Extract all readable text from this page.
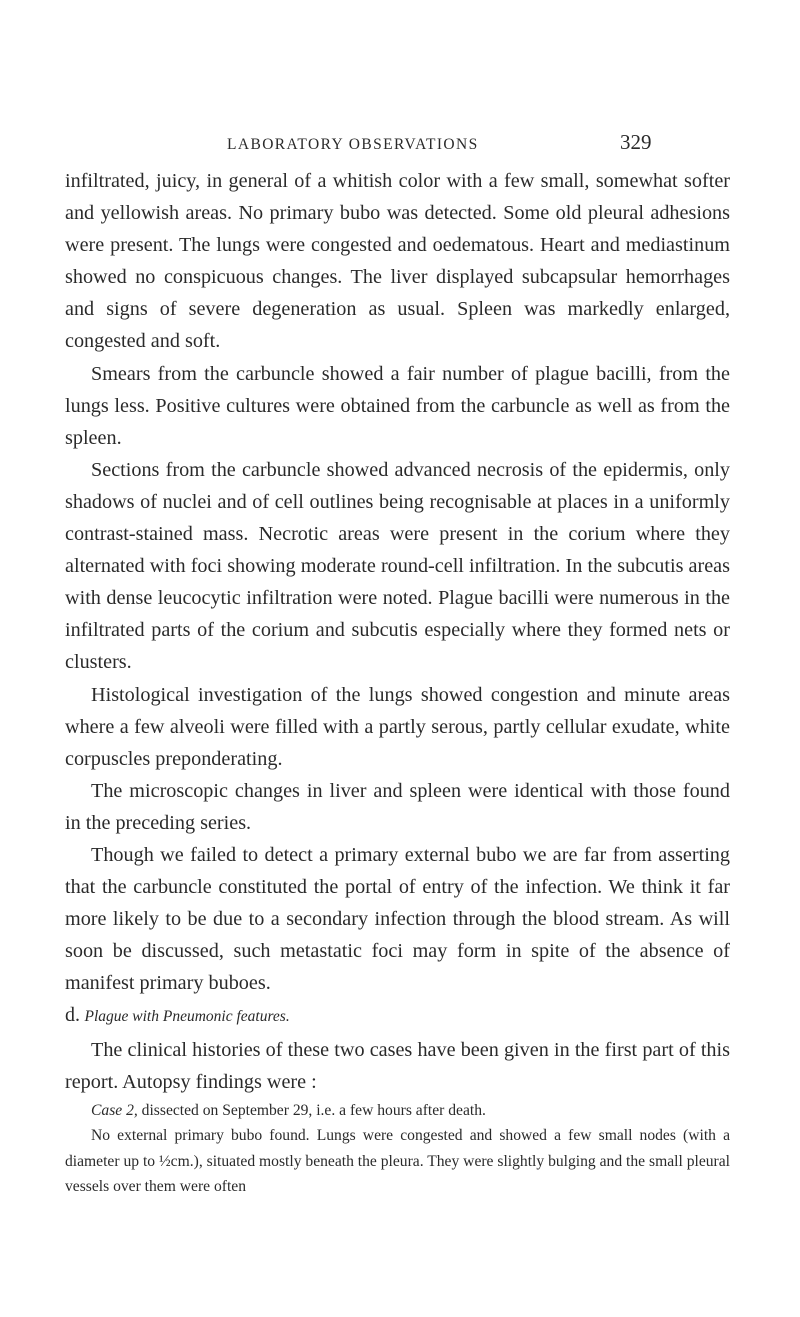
LABORATORY OBSERVATIONS	329

infiltrated, juicy, in general of a whitish color with a few small, somewhat softer and yellowish areas. No primary bubo was detected. Some old pleural adhesions were present. The lungs were congested and oedematous. Heart and mediastinum showed no conspicuous changes. The liver displayed subcapsular hemorrhages and signs of severe degeneration as usual. Spleen was markedly enlarged, congested and soft.

Smears from the carbuncle showed a fair number of plague bacilli, from the lungs less. Positive cultures were obtained from the carbuncle as well as from the spleen.

Sections from the carbuncle showed advanced necrosis of the epidermis, only shadows of nuclei and of cell outlines being recognisable at places in a uniformly contrast-stained mass. Necrotic areas were present in the corium where they alternated with foci showing moderate round-cell infiltration. In the subcutis areas with dense leucocytic infiltration were noted. Plague bacilli were numerous in the infiltrated parts of the corium and subcutis especially where they formed nets or clusters.

Histological investigation of the lungs showed congestion and minute areas where a few alveoli were filled with a partly serous, partly cellular exudate, white corpuscles preponderating.

The microscopic changes in liver and spleen were identical with those found in the preceding series.

Though we failed to detect a primary external bubo we are far from asserting that the carbuncle constituted the portal of entry of the infection. We think it far more likely to be due to a secondary infection through the blood stream. As will soon be discussed, such metastatic foci may form in spite of the absence of manifest primary buboes.

d. Plague with Pneumonic features.

The clinical histories of these two cases have been given in the first part of this report. Autopsy findings were :

Case 2, dissected on September 29, i.e. a few hours after death.

No external primary bubo found. Lungs were congested and showed a few small nodes (with a diameter up to ½cm.), situated mostly beneath the pleura. They were slightly bulging and the small pleural vessels over them were often
